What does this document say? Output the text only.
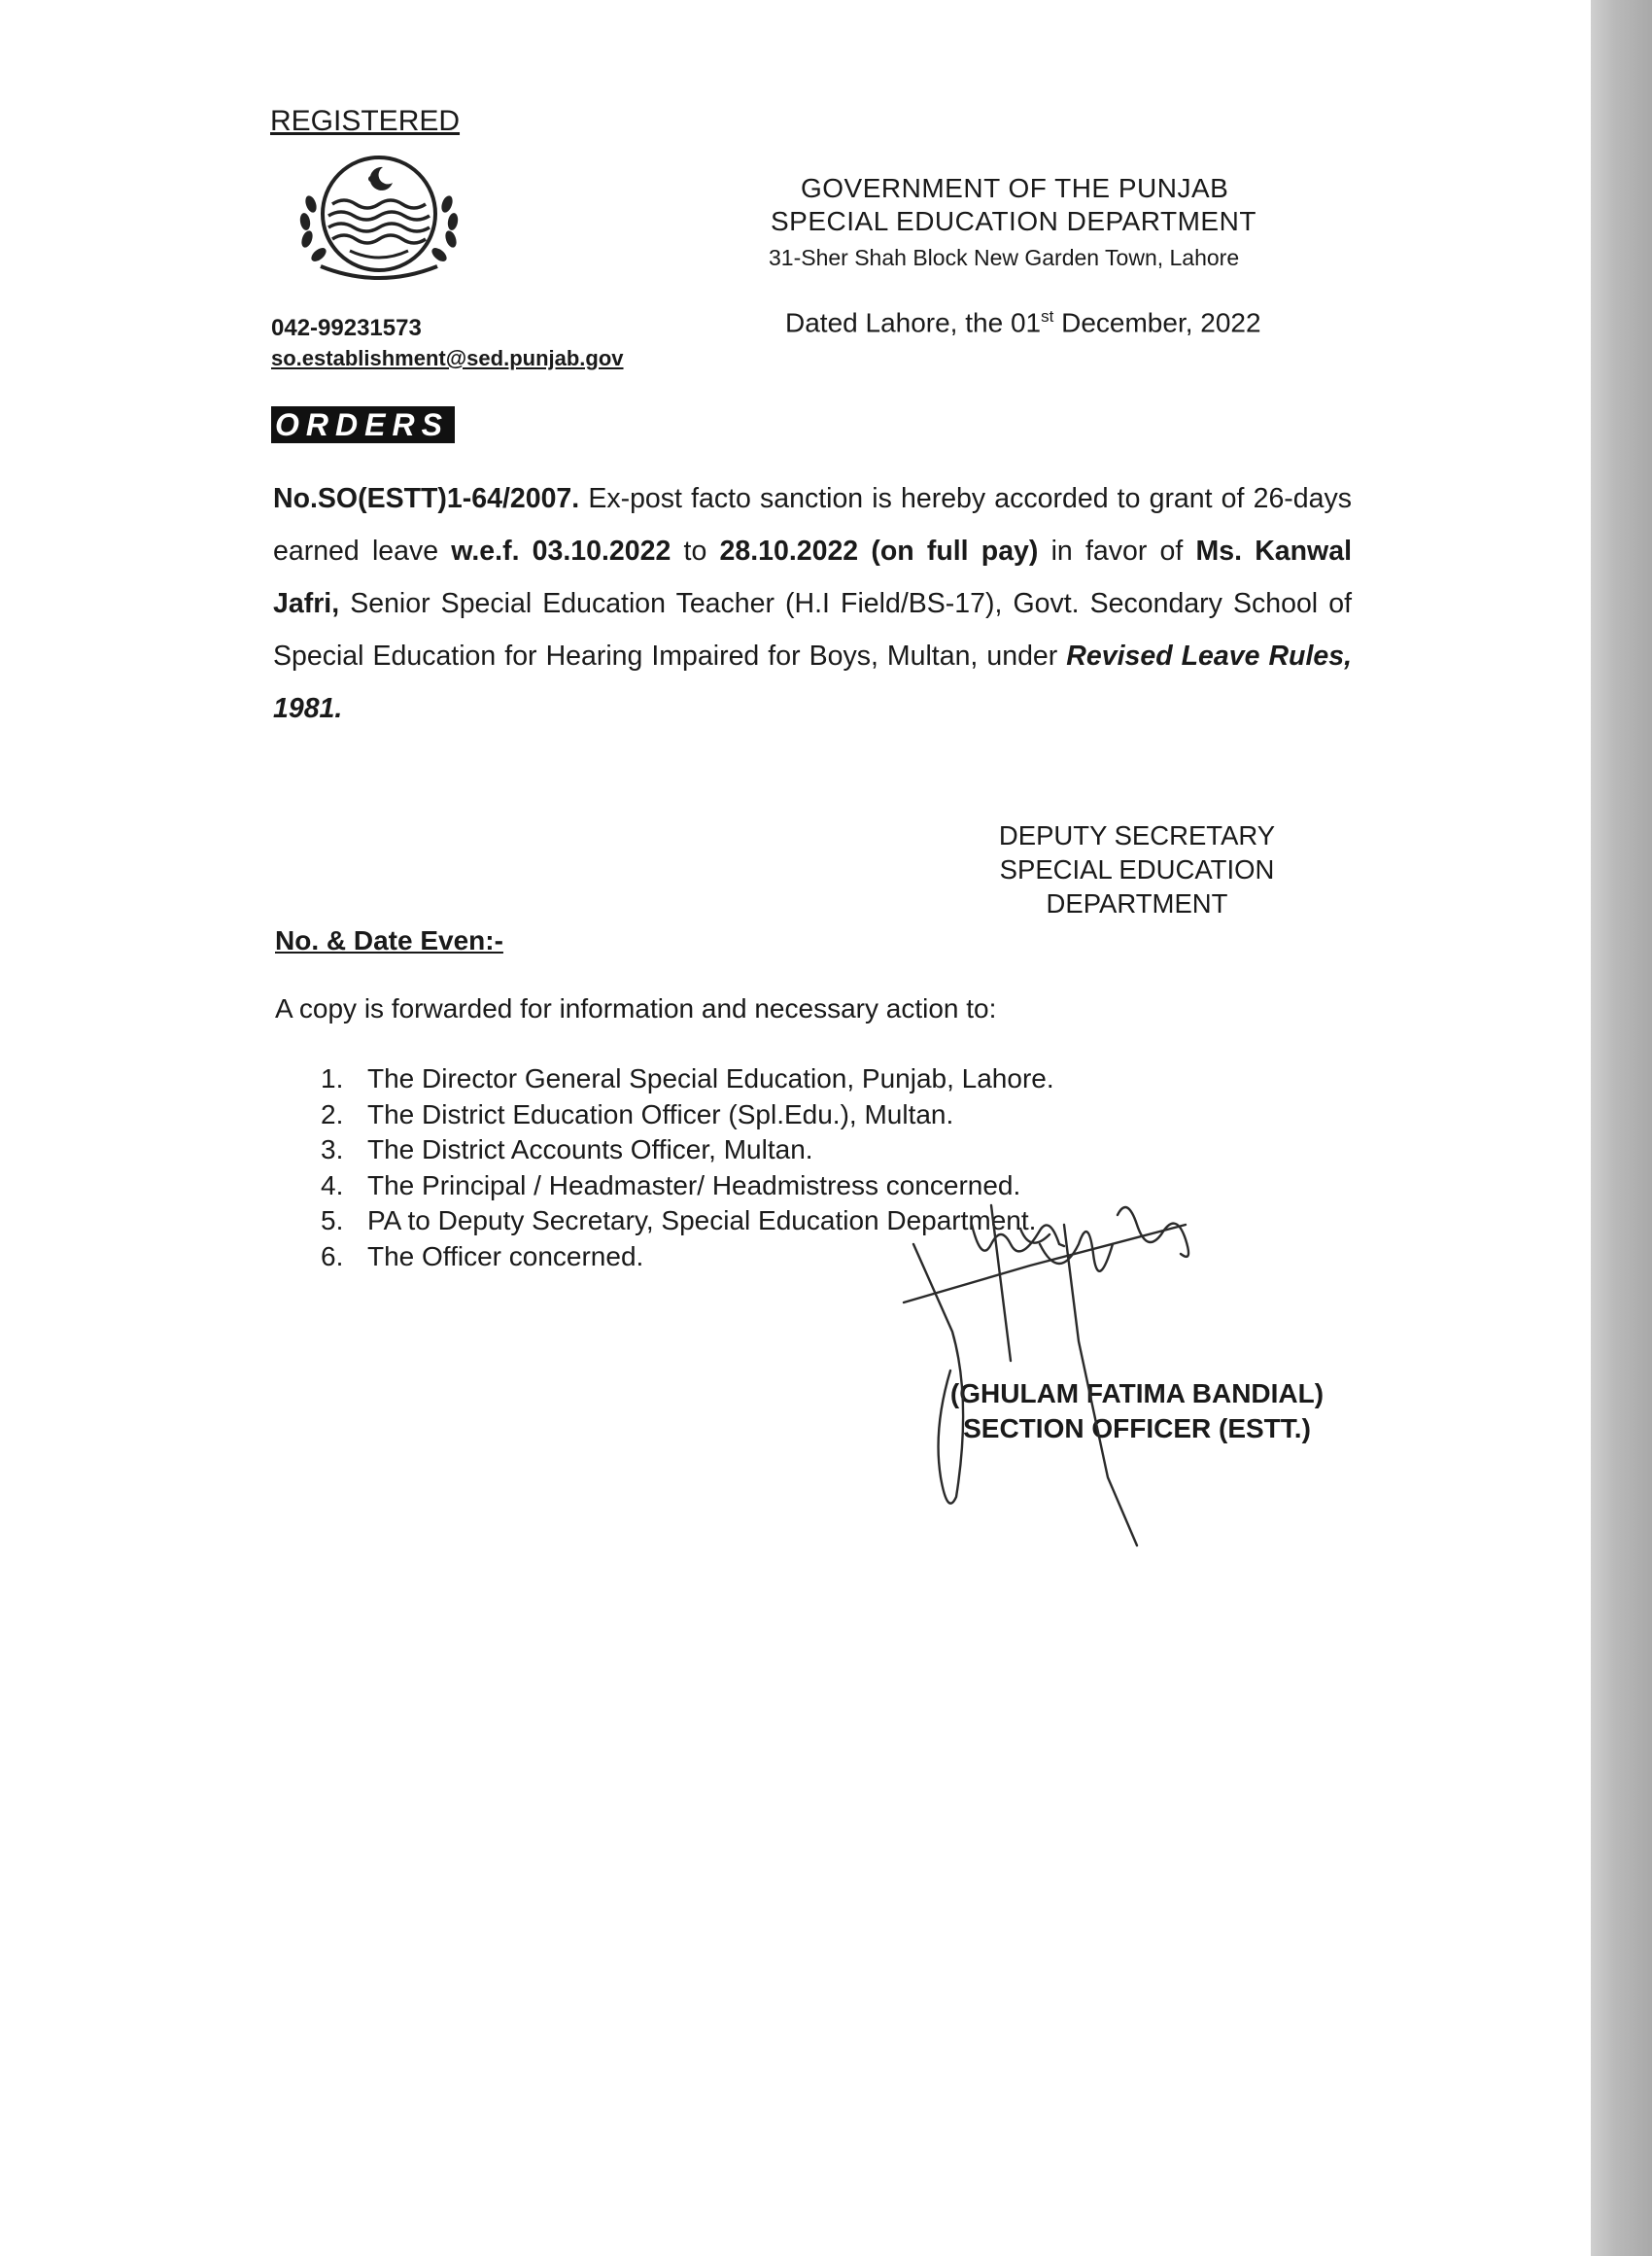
REGISTERED
042-99231573
so.establishment@sed.punjab.gov
GOVERNMENT OF THE PUNJAB
SPECIAL EDUCATION DEPARTMENT
31-Sher Shah Block New Garden Town, Lahore
Dated Lahore, the 01st December, 2022
ORDERS
No.SO(ESTT)1-64/2007. Ex-post facto sanction is hereby accorded to grant of 26-days earned leave w.e.f. 03.10.2022 to 28.10.2022 (on full pay) in favor of Ms. Kanwal Jafri, Senior Special Education Teacher (H.I Field/BS-17), Govt. Secondary School of Special Education for Hearing Impaired for Boys, Multan, under Revised Leave Rules, 1981.
DEPUTY SECRETARY
SPECIAL EDUCATION
DEPARTMENT
No. & Date Even:-
A copy is forwarded for information and necessary action to:
1. The Director General Special Education, Punjab, Lahore.
2. The District Education Officer (Spl.Edu.), Multan.
3. The District Accounts Officer, Multan.
4. The Principal / Headmaster/ Headmistress concerned.
5. PA to Deputy Secretary, Special Education Department.
6. The Officer concerned.
(GHULAM FATIMA BANDIAL)
SECTION OFFICER (ESTT.)
